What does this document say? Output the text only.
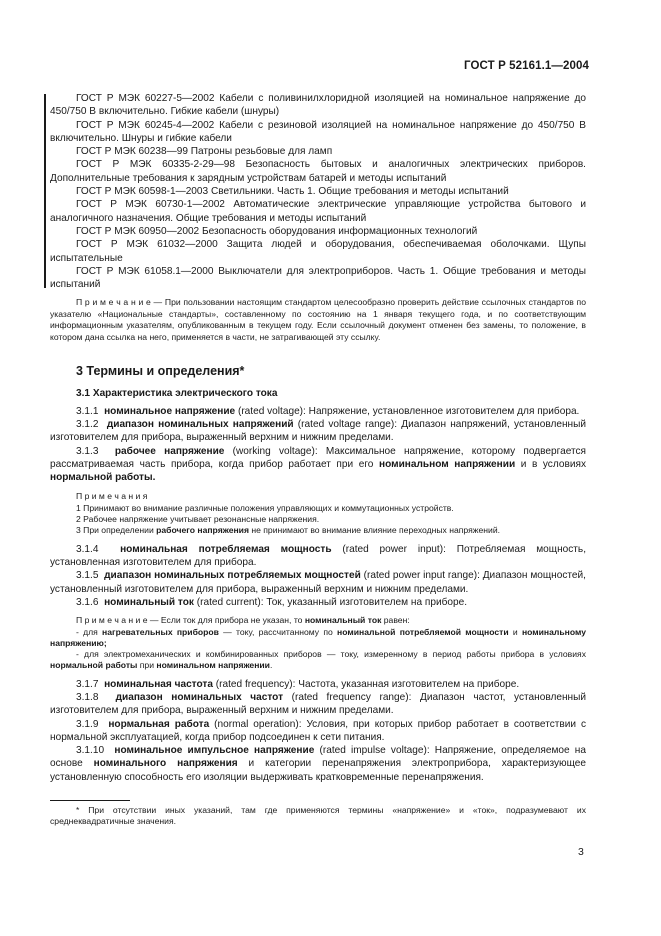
ГОСТ Р 52161.1—2004

ГОСТ Р МЭК 60227-5—2002 Кабели с поливинилхлоридной изоляцией на номинальное напряжение до 450/750 В включительно. Гибкие кабели (шнуры)

ГОСТ Р МЭК 60245-4—2002 Кабели с резиновой изоляцией на номинальное напряжение до 450/750 В включительно. Шнуры и гибкие кабели

ГОСТ Р МЭК 60238—99 Патроны резьбовые для ламп

ГОСТ Р МЭК 60335-2-29—98 Безопасность бытовых и аналогичных электрических приборов. Дополнительные требования к зарядным устройствам батарей и методы испытаний

ГОСТ Р МЭК 60598-1—2003 Светильники. Часть 1. Общие требования и методы испытаний

ГОСТ Р МЭК 60730-1—2002 Автоматические электрические управляющие устройства бытового и аналогичного назначения. Общие требования и методы испытаний

ГОСТ Р МЭК 60950—2002 Безопасность оборудования информационных технологий

ГОСТ Р МЭК 61032—2000 Защита людей и оборудования, обеспечиваемая оболочками. Щупы испытательные

ГОСТ Р МЭК 61058.1—2000 Выключатели для электроприборов. Часть 1. Общие требования и методы испытаний

П р и м е ч а н и е — При пользовании настоящим стандартом целесообразно проверить действие ссылочных стандартов по указателю «Национальные стандарты», составленному по состоянию на 1 января текущего года, и по соответствующим информационным указателям, опубликованным в текущем году. Если ссылочный документ отменен без замены, то положение, в котором дана ссылка на него, применяется в части, не затрагивающей эту ссылку.

3 Термины и определения*
3.1 Характеристика электрического тока

3.1.1 номинальное напряжение (rated voltage): Напряжение, установленное изготовителем для прибора.

3.1.2 диапазон номинальных напряжений (rated voltage range): Диапазон напряжений, установленный изготовителем для прибора, выраженный верхним и нижним пределами.

3.1.3 рабочее напряжение (working voltage): Максимальное напряжение, которому подвергается рассматриваемая часть прибора, когда прибор работает при его номинальном напряжении и в условиях нормальной работы.

П р и м е ч а н и я

1 Принимают во внимание различные положения управляющих и коммутационных устройств.

2 Рабочее напряжение учитывает резонансные напряжения.

3 При определении рабочего напряжения не принимают во внимание влияние переходных напряжений.

3.1.4 номинальная потребляемая мощность (rated power input): Потребляемая мощность, установленная изготовителем для прибора.

3.1.5 диапазон номинальных потребляемых мощностей (rated power input range): Диапазон мощностей, установленный изготовителем для прибора, выраженный верхним и нижним пределами.

3.1.6 номинальный ток (rated current): Ток, указанный изготовителем на приборе.

П р и м е ч а н и е — Если ток для прибора не указан, то номинальный ток равен:

- для нагревательных приборов — току, рассчитанному по номинальной потребляемой мощности и номинальному напряжению;

- для электромеханических и комбинированных приборов — току, измеренному в период работы прибора в условиях нормальной работы при номинальном напряжении.

3.1.7 номинальная частота (rated frequency): Частота, указанная изготовителем на приборе.

3.1.8 диапазон номинальных частот (rated frequency range): Диапазон частот, установленный изготовителем для прибора, выраженный верхним и нижним пределами.

3.1.9 нормальная работа (normal operation): Условия, при которых прибор работает в соответствии с нормальной эксплуатацией, когда прибор подсоединен к сети питания.

3.1.10 номинальное импульсное напряжение (rated impulse voltage): Напряжение, определяемое на основе номинального напряжения и категории перенапряжения электроприбора, характеризующее установленную способность его изоляции выдерживать кратковременные перенапряжения.

* При отсутствии иных указаний, там где применяются термины «напряжение» и «ток», подразумевают их среднеквадратичные значения.

3
